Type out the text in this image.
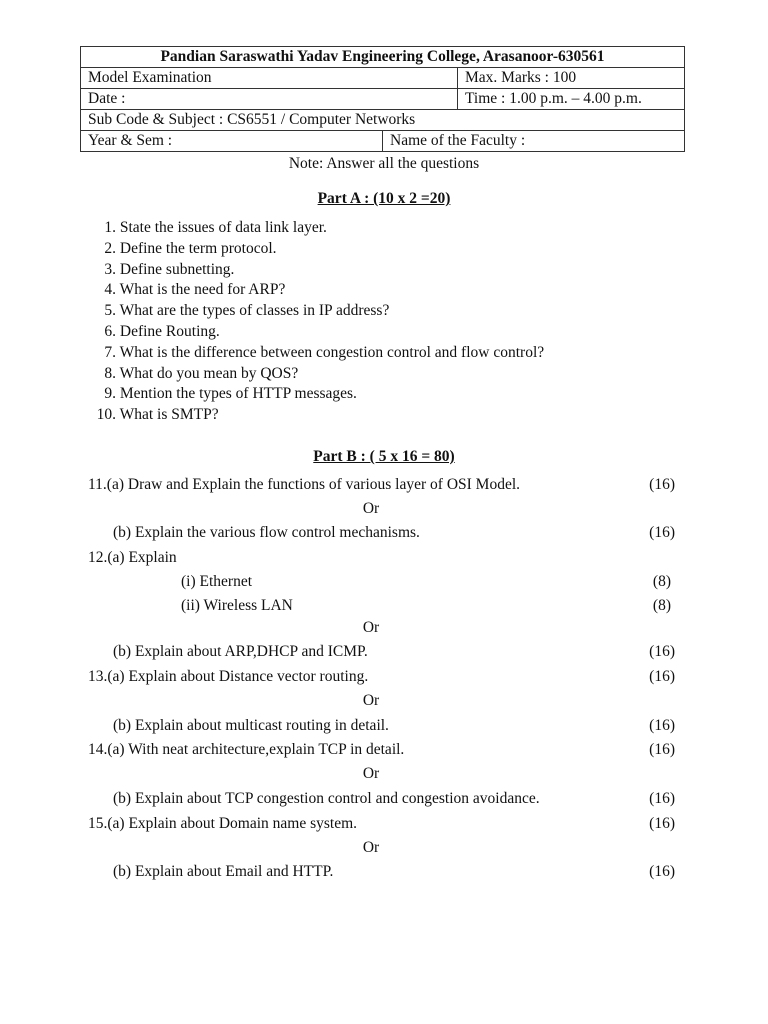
Pandian Saraswathi Yadav Engineering College, Arasanoor-630561
Model Examination	Max. Marks : 100
Date :	Time : 1.00 p.m. – 4.00 p.m.
Sub Code & Subject : CS6551 / Computer Networks

Year & Sem :	Name of the Faculty :
Note: Answer all the questions
Part A : (10 x 2 =20)
1. State the issues of data link layer.
2. Define the term protocol.
3. Define subnetting.
4. What is the need for ARP?
5. What are the types of classes in IP address?
6. Define Routing.
7. What is the difference between congestion control and flow control?
8. What do you mean by QOS?
9. Mention the types of HTTP messages.
10. What is SMTP?
Part B : ( 5 x 16 = 80)
11.(a) Draw and Explain the functions of various layer of OSI Model.	(16)
Or
(b) Explain the various flow control mechanisms.	(16)
12.(a) Explain
(i) Ethernet	(8)
(ii) Wireless LAN	(8)
Or
(b) Explain about ARP,DHCP and ICMP.	(16)
13.(a) Explain about Distance vector routing.	(16)
Or
(b) Explain about multicast routing in detail.	(16)
14.(a) With neat architecture,explain TCP in detail.	(16)
Or
(b) Explain about TCP congestion control and congestion avoidance.	(16)
15.(a) Explain about Domain name system.	(16)
Or
(b) Explain about Email and HTTP.	(16)
